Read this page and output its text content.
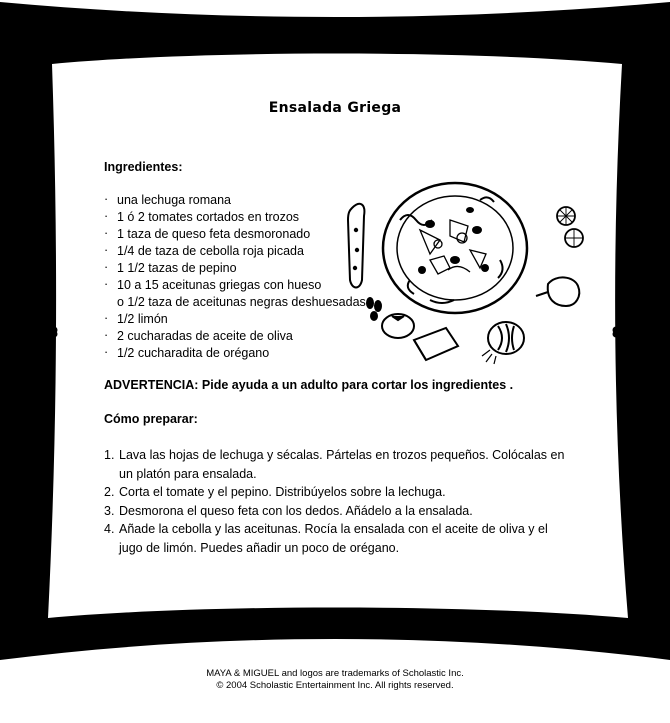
Ensalada Griega
Ingredientes:
· una lechuga romana
· 1 ó 2 tomates cortados en trozos
· 1 taza de queso feta desmoronado
· 1/4 de taza de cebolla roja picada
· 1 1/2 tazas de pepino
· 10 a 15 aceitunas griegas con hueso
o 1/2 taza de aceitunas negras deshuesadas
· 1/2 limón
· 2 cucharadas de aceite de oliva
· 1/2 cucharadita de orégano
ADVERTENCIA: Pide ayuda a un adulto para cortar los ingredientes .
Cómo preparar:
1. Lava las hojas de lechuga y sécalas. Pártelas en trozos pequeños. Colócalas en un platón para ensalada.
2. Corta el tomate y el pepino. Distribúyelos sobre la lechuga.
3. Desmorona el queso feta con los dedos. Añádelo a la ensalada.
4. Añade la cebolla y las aceitunas. Rocía la ensalada con el aceite de oliva y el jugo de limón. Puedes añadir un poco de orégano.
MAYA & MIGUEL and logos are trademarks of Scholastic Inc.
© 2004 Scholastic Entertainment Inc. All rights reserved.
